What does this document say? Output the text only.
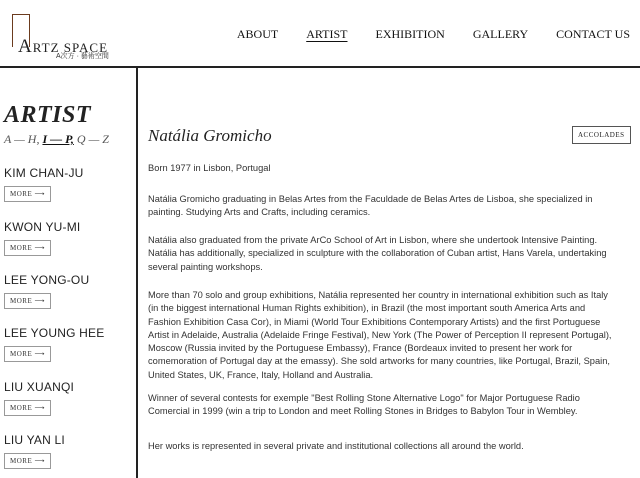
ARTZ SPACE
A次方 · 藝術空間
ABOUT ARTIST EXHIBITION GALLERY CONTACT US
ARTIST
A — H, I — P, Q — Z
KIM CHAN-JU
MORE ⟶
KWON YU-MI
MORE ⟶
LEE YONG-OU
MORE ⟶
LEE YOUNG HEE
MORE ⟶
LIU XUANQI
MORE ⟶
LIU YAN LI
MORE ⟶
Natália Gromicho	ACCOLADES

Born 1977 in Lisbon, Portugal

Natália Gromicho graduating in Belas Artes from the Faculdade de Belas Artes de Lisboa, she specialized in painting. Studying Arts and Crafts, including ceramics.

Natália also graduated from the private ArCo School of Art in Lisbon, where she undertook Intensive Painting. Natália has additionally, specialized in sculpture with the collaboration of Cuban artist, Hans Varela, undertaking several painting workshops.

More than 70 solo and group exhibitions, Natália represented her country in international exhibition such as Italy (in the biggest international Human Rights exhibition), in Brazil (the most important south America Arts and Fashion Exhibition Casa Cor), in Miami (World Tour Exhibitions Contemporary Artists) and the first Portuguese Artist in Adelaide, Australia (Adelaide Fringe Festival), New York (The Power of Perception II represent Portugal), Moscow (Russia invited by the Portuguese Embassy), France (Bordeaux invited to present her work for comemoration of Portugal day at the emassy). She sold artworks for many countries, like Portugal, Brazil, Spain, United States, UK, France, Italy, Holland and Australia.

Winner of several contests for exemple "Best Rolling Stone Alternative Logo" for Major Portuguese Radio Comercial in 1999 (win a trip to London and meet Rolling Stones in Bridges to Babylon Tour in Wembley.

Her works is represented in several private and institutional collections all around the world.
